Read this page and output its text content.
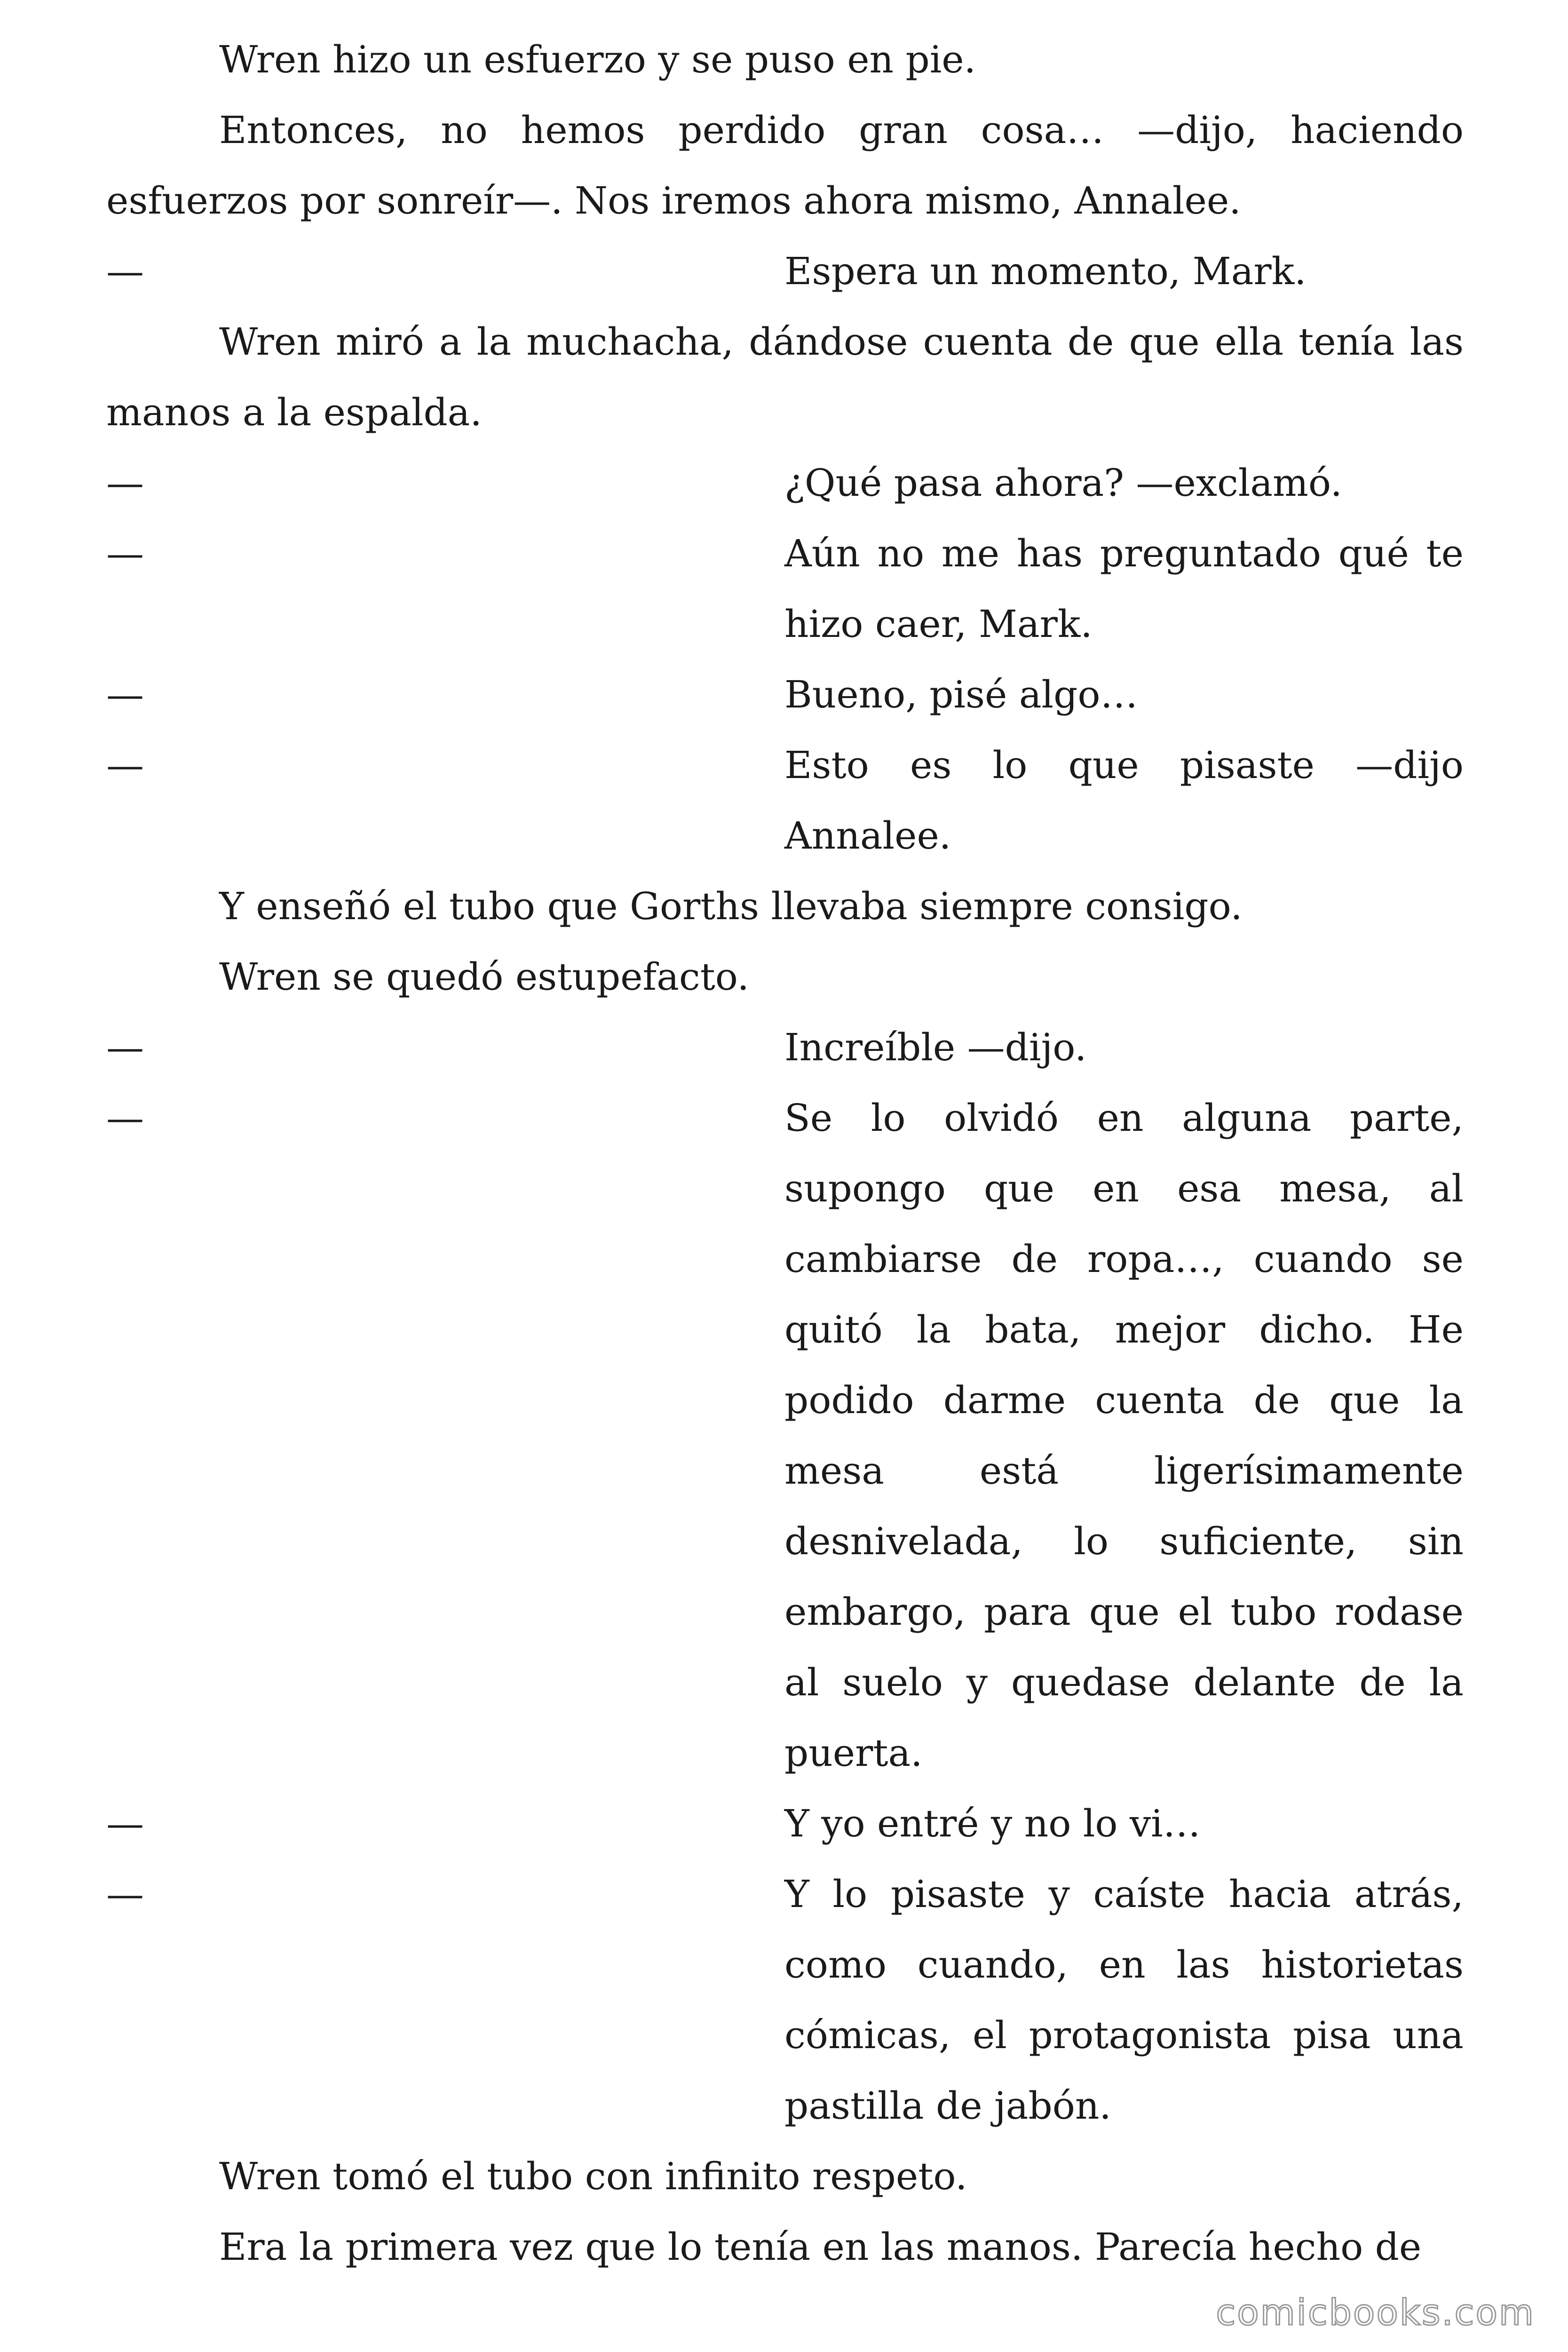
Wren hizo un esfuerzo y se puso en pie.

Entonces, no hemos perdido gran cosa… —dijo, haciendo esfuerzos por sonreír—. Nos iremos ahora mismo, Annalee.

—	Espera un momento, Mark.

Wren miró a la muchacha, dándose cuenta de que ella tenía las manos a la espalda.

—	¿Qué pasa ahora? —exclamó.
—	Aún no me has preguntado qué te hizo caer, Mark.
—	Bueno, pisé algo…
—	Esto es lo que pisaste —dijo Annalee.

Y enseñó el tubo que Gorths llevaba siempre consigo.

Wren se quedó estupefacto.

—	Increíble —dijo.
—	Se lo olvidó en alguna parte, supongo que en esa mesa, al cambiarse de ropa…, cuando se quitó la bata, mejor dicho. He podido darme cuenta de que la mesa está ligerísimamente desnivelada, lo suficiente, sin embargo, para que el tubo rodase al suelo y quedase delante de la puerta.
—	Y yo entré y no lo vi…
—	Y lo pisaste y caíste hacia atrás, como cuando, en las historietas cómicas, el protagonista pisa una pastilla de jabón.

Wren tomó el tubo con infinito respeto.

Era la primera vez que lo tenía en las manos. Parecía hecho de

comicbooks.com
